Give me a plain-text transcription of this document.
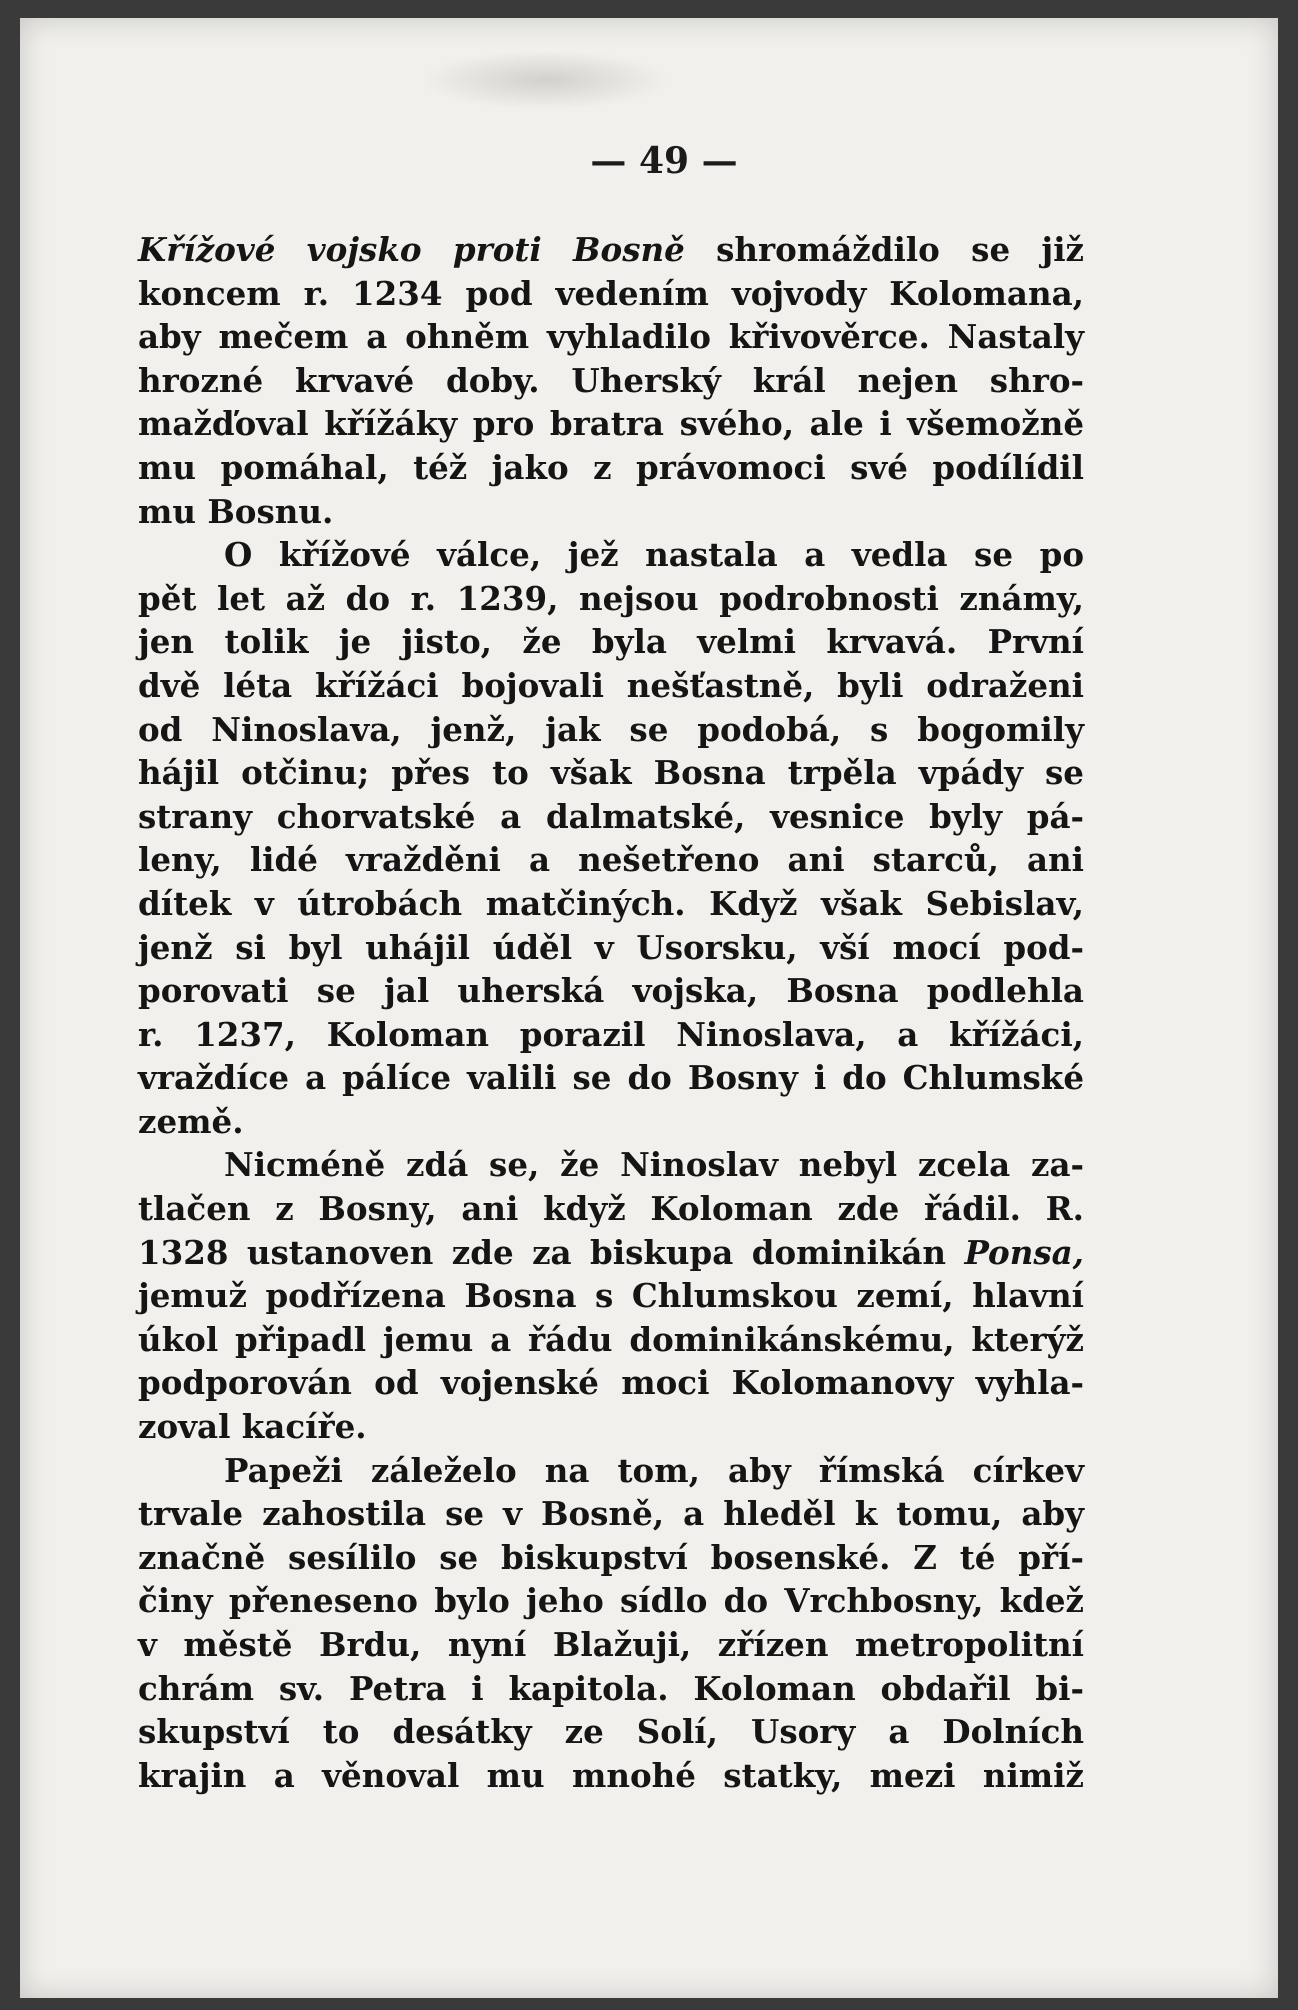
— 49 —
Křížové vojsko proti Bosně shromáždilo se již
koncem r. 1234 pod vedením vojvody Kolomana,
aby mečem a ohněm vyhladilo křivověrce. Nastaly
hrozné krvavé doby. Uherský král nejen shro-
mažďoval křížáky pro bratra svého, ale i všemožně
mu pomáhal, též jako z právomoci své podílídil
mu Bosnu.
O křížové válce, jež nastala a vedla se po
pět let až do r. 1239, nejsou podrobnosti známy,
jen tolik je jisto, že byla velmi krvavá. První
dvě léta křížáci bojovali nešťastně, byli odraženi
od Ninoslava, jenž, jak se podobá, s bogomily
hájil otčinu; přes to však Bosna trpěla vpády se
strany chorvatské a dalmatské, vesnice byly pá-
leny, lidé vražděni a nešetřeno ani starců, ani
dítek v útrobách matčiných. Když však Sebislav,
jenž si byl uhájil úděl v Usorsku, vší mocí pod-
porovati se jal uherská vojska, Bosna podlehla
r. 1237, Koloman porazil Ninoslava, a křížáci,
vraždíce a pálíce valili se do Bosny i do Chlumské
země.
Nicméně zdá se, že Ninoslav nebyl zcela za-
tlačen z Bosny, ani když Koloman zde řádil. R.
1328 ustanoven zde za biskupa dominikán Ponsa,
jemuž podřízena Bosna s Chlumskou zemí, hlavní
úkol připadl jemu a řádu dominikánskému, kterýž
podporován od vojenské moci Kolomanovy vyhla-
zoval kacíře.
Papeži záleželo na tom, aby římská církev
trvale zahostila se v Bosně, a hleděl k tomu, aby
značně sesílilo se biskupství bosenské. Z té pří-
činy přeneseno bylo jeho sídlo do Vrchbosny, kdež
v městě Brdu, nyní Blažuji, zřízen metropolitní
chrám sv. Petra i kapitola. Koloman obdařil bi-
skupství to desátky ze Solí, Usory a Dolních
krajin a věnoval mu mnohé statky, mezi nimiž
